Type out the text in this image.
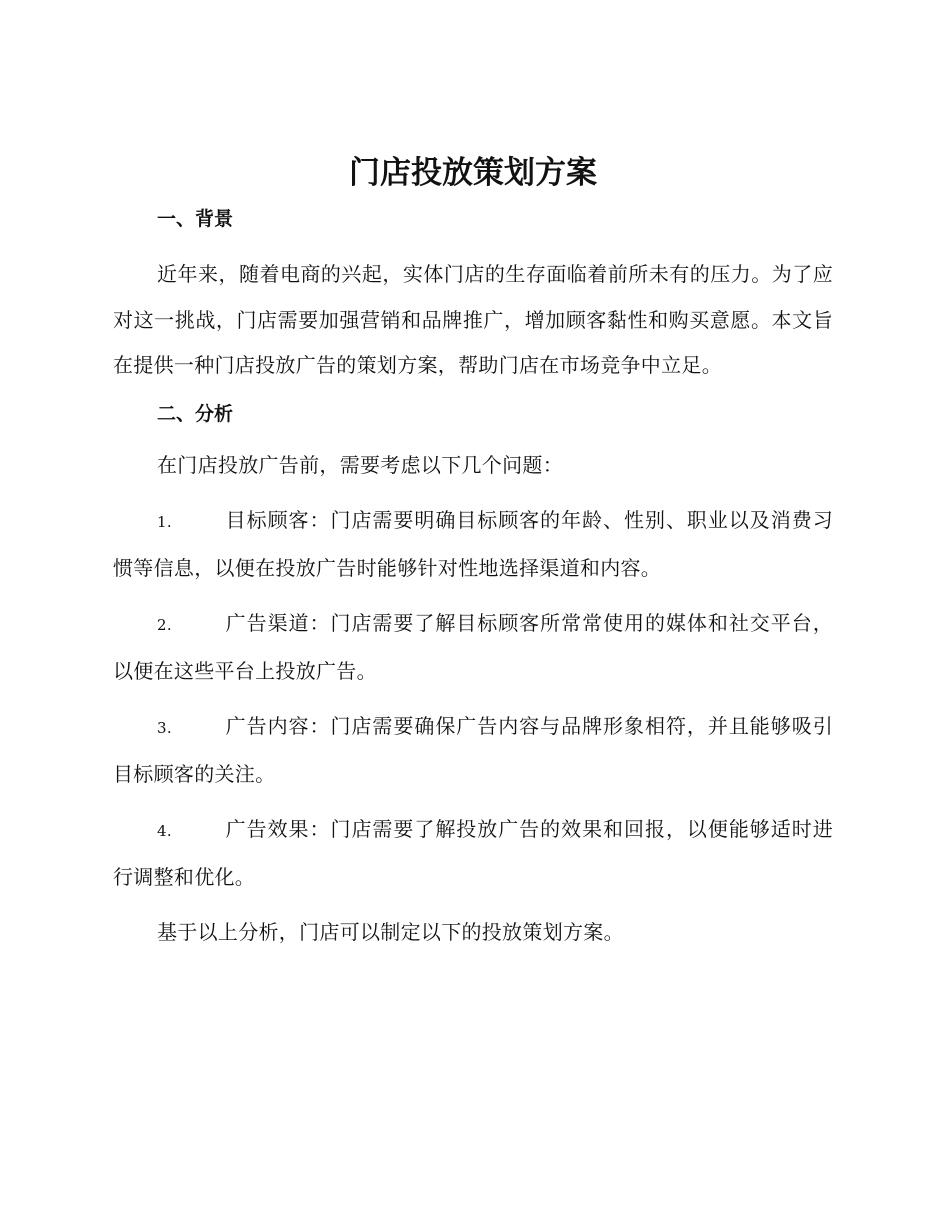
门店投放策划方案
一、背景

近年来，随着电商的兴起，实体门店的生存面临着前所未有的压力。为了应对这一挑战，门店需要加强营销和品牌推广，增加顾客黏性和购买意愿。本文旨在提供一种门店投放广告的策划方案，帮助门店在市场竞争中立足。

二、分析

在门店投放广告前，需要考虑以下几个问题：

1.	目标顾客：门店需要明确目标顾客的年龄、性别、职业以及消费习惯等信息，以便在投放广告时能够针对性地选择渠道和内容。

2.	广告渠道：门店需要了解目标顾客所常常使用的媒体和社交平台，以便在这些平台上投放广告。

3.	广告内容：门店需要确保广告内容与品牌形象相符，并且能够吸引目标顾客的关注。

4.	广告效果：门店需要了解投放广告的效果和回报，以便能够适时进行调整和优化。

基于以上分析，门店可以制定以下的投放策划方案。
